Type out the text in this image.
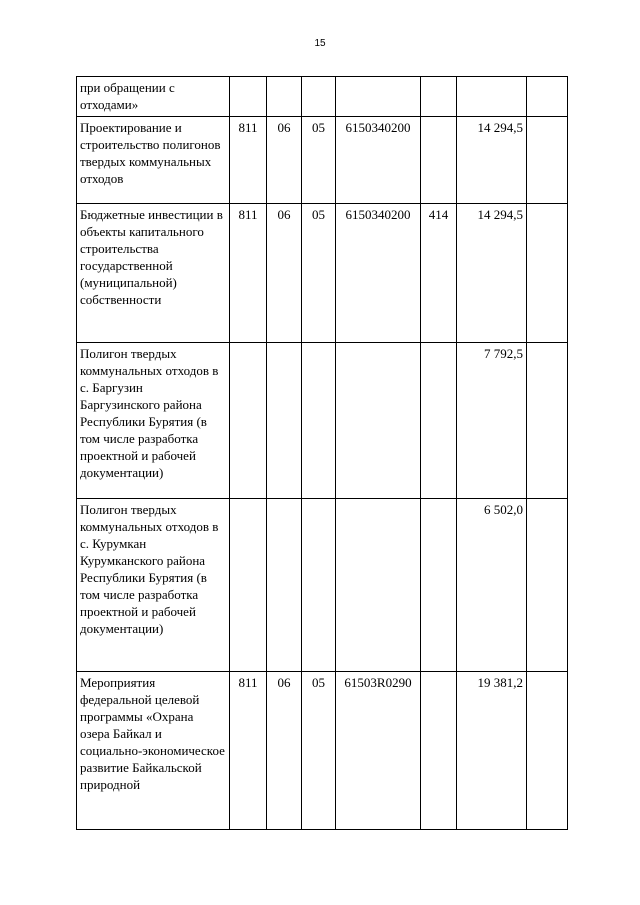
15
при обращении с отходами»							
Проектирование и строительство полигонов твердых коммунальных отходов	811	06	05	6150340200		14 294,5	
Бюджетные инвестиции в объекты капитального строительства государственной (муниципальной) собственности	811	06	05	6150340200	414	14 294,5	
Полигон твердых коммунальных отходов в с. Баргузин Баргузинского района Республики Бурятия (в том числе разработка проектной и рабочей документации)						7 792,5	
Полигон твердых коммунальных отходов в с. Курумкан Курумканского района Республики Бурятия (в том числе разработка проектной и рабочей документации)						6 502,0	
Мероприятия федеральной целевой программы «Охрана озера Байкал и социально-экономическое развитие Байкальской природной	811	06	05	61503R0290		19 381,2	
